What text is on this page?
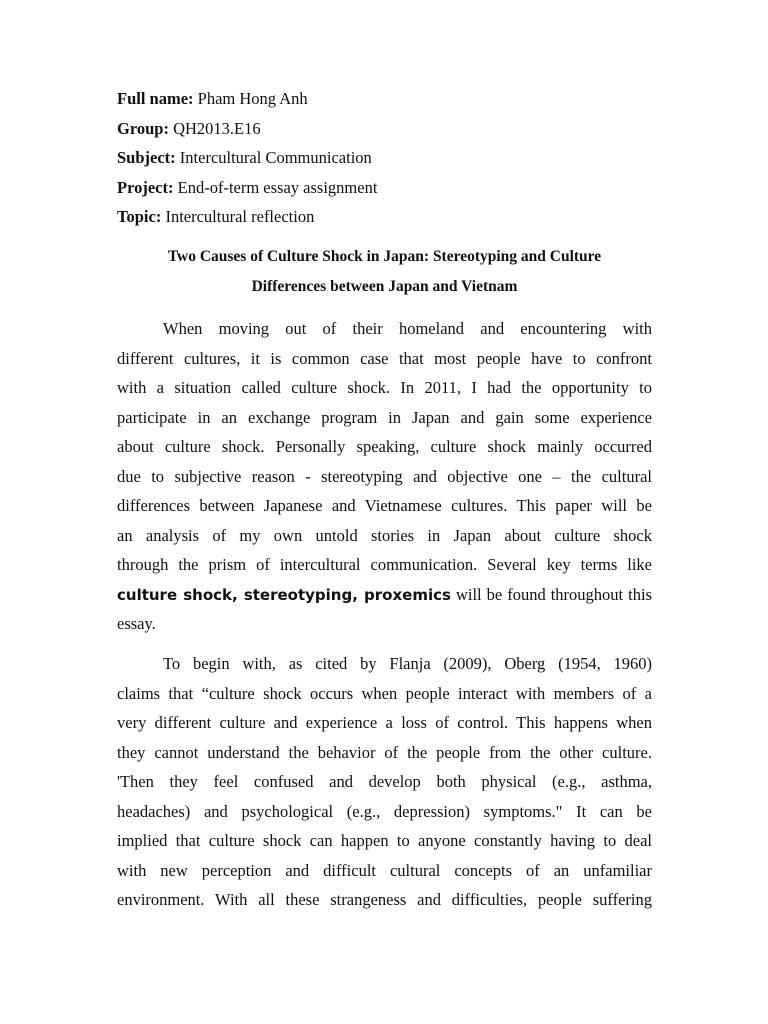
Full name: Pham Hong Anh
Group: QH2013.E16
Subject: Intercultural Communication
Project: End-of-term essay assignment
Topic: Intercultural reflection
Two Causes of Culture Shock in Japan: Stereotyping and Culture
Differences between Japan and Vietnam
When moving out of their homeland and encountering with
different cultures, it is common case that most people have to confront
with a situation called culture shock. In 2011, I had the opportunity to
participate in an exchange program in Japan and gain some experience
about culture shock. Personally speaking, culture shock mainly occurred
due to subjective reason - stereotyping and objective one – the cultural
differences between Japanese and Vietnamese cultures. This paper will be
an analysis of my own untold stories in Japan about culture shock
through the prism of intercultural communication. Several key terms like
culture shock, stereotyping, proxemics will be found throughout this
essay.
To begin with, as cited by Flanja (2009), Oberg (1954, 1960)
claims that “culture shock occurs when people interact with members of a
very different culture and experience a loss of control. This happens when
they cannot understand the behavior of the people from the other culture.
'Then they feel confused and develop both physical (e.g., asthma,
headaches) and psychological (e.g., depression) symptoms." It can be
implied that culture shock can happen to anyone constantly having to deal
with new perception and difficult cultural concepts of an unfamiliar
environment. With all these strangeness and difficulties, people suffering
